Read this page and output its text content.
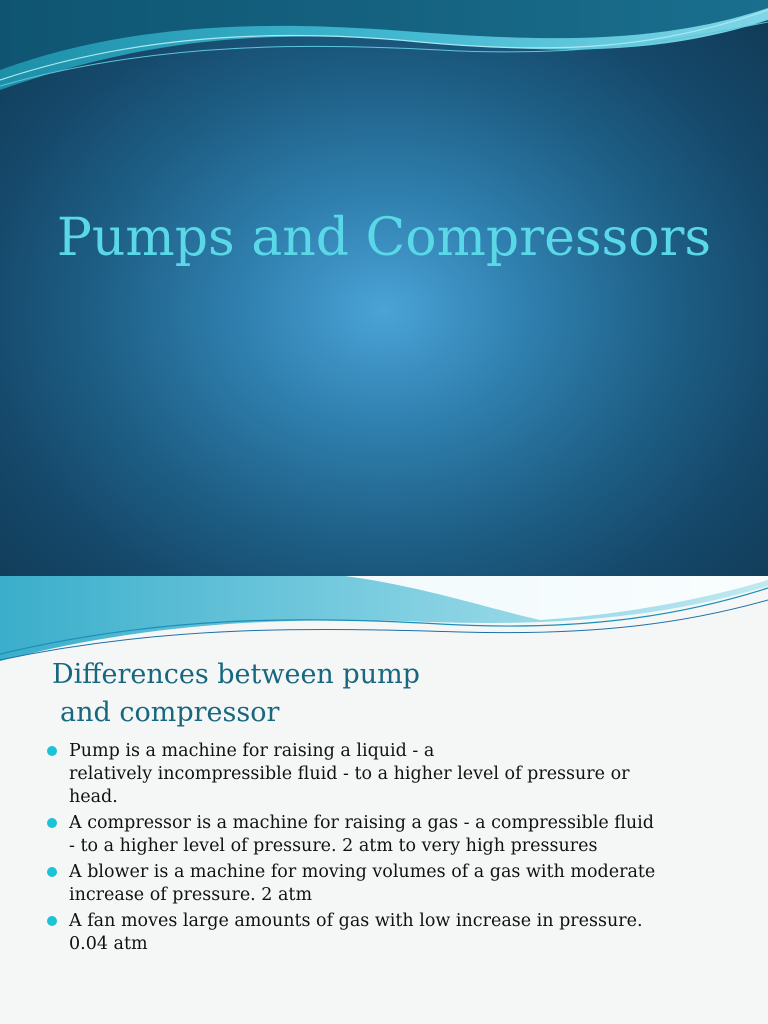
Pumps and Compressors
Differences between pump
and compressor
Pump is a machine for raising a liquid - a
relatively incompressible fluid - to a higher level of pressure or
head.
A compressor is a machine for raising a gas - a compressible fluid
- to a higher level of pressure. 2 atm to very high pressures
A blower is a machine for moving volumes of a gas with moderate
increase of pressure. 2 atm
A fan moves large amounts of gas with low increase in pressure.
0.04 atm
